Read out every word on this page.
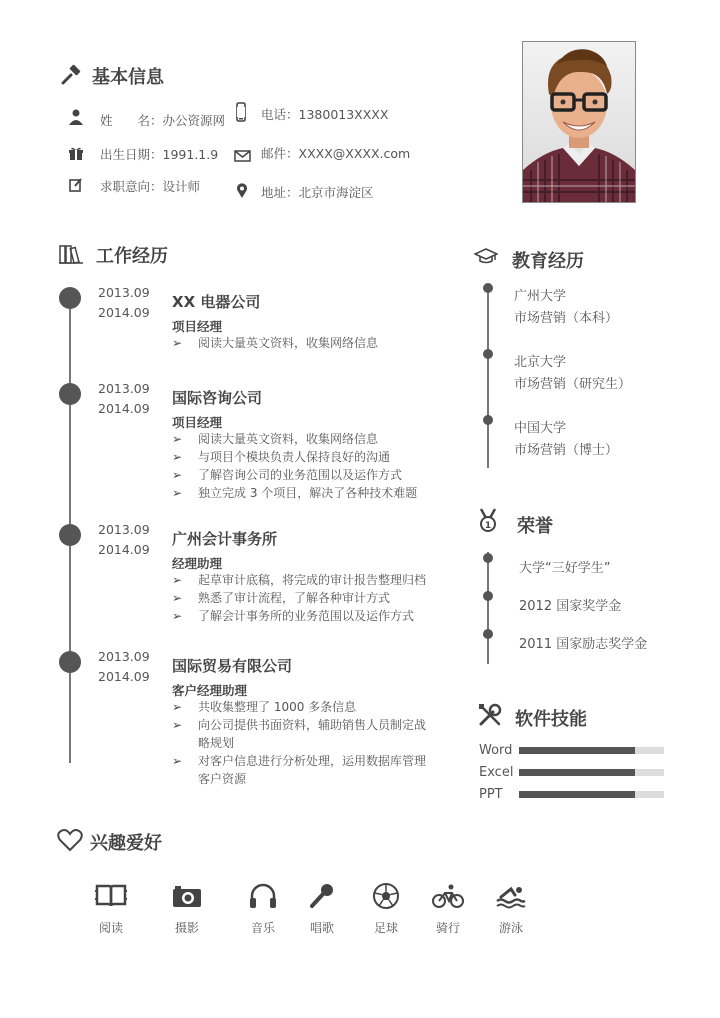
基本信息
姓　　名：办公资源网
出生日期：1991.1.9
求职意向：设计师
电话：1380013XXXX
邮件：XXXX@XXXX.com
地址：北京市海淀区
工作经历
2013.09
2014.09
XX 电器公司
项目经理
➢ 阅读大量英文资料，收集网络信息
2013.09
2014.09
国际咨询公司
项目经理
➢ 阅读大量英文资料，收集网络信息
➢ 与项目个模块负责人保持良好的沟通
➢ 了解咨询公司的业务范围以及运作方式
➢ 独立完成 3 个项目，解决了各种技术难题
2013.09
2014.09
广州会计事务所
经理助理
➢ 起草审计底稿，将完成的审计报告整理归档
➢ 熟悉了审计流程，了解各种审计方式
➢ 了解会计事务所的业务范围以及运作方式
2013.09
2014.09
国际贸易有限公司
客户经理助理
➢ 共收集整理了 1000 多条信息
➢ 向公司提供书面资料，辅助销售人员制定战
略规划
➢ 对客户信息进行分析处理，运用数据库管理
客户资源
教育经历
广州大学
市场营销（本科）
北京大学
市场营销（研究生）
中国大学
市场营销（博士）
1 荣誉
大学“三好学生”
2012 国家奖学金
2011 国家励志奖学金
软件技能
Word
Excel
PPT
兴趣爱好
阅读	摄影	音乐	唱歌	足球	骑行	游泳
